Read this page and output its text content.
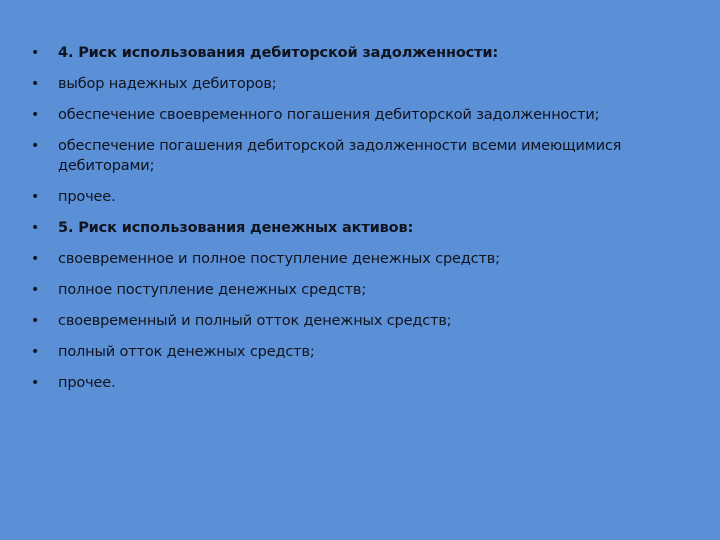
• 4. Риск использования дебиторской задолженности:
• выбор надежных дебиторов;
• обеспечение своевременного погашения дебиторской задолженности;
• обеспечение погашения дебиторской задолженности всеми имеющимися дебиторами;
• прочее.
• 5. Риск использования денежных активов:
• своевременное и полное поступление денежных средств;
• полное поступление денежных средств;
• своевременный и полный отток денежных средств;
• полный отток денежных средств;
• прочее.
